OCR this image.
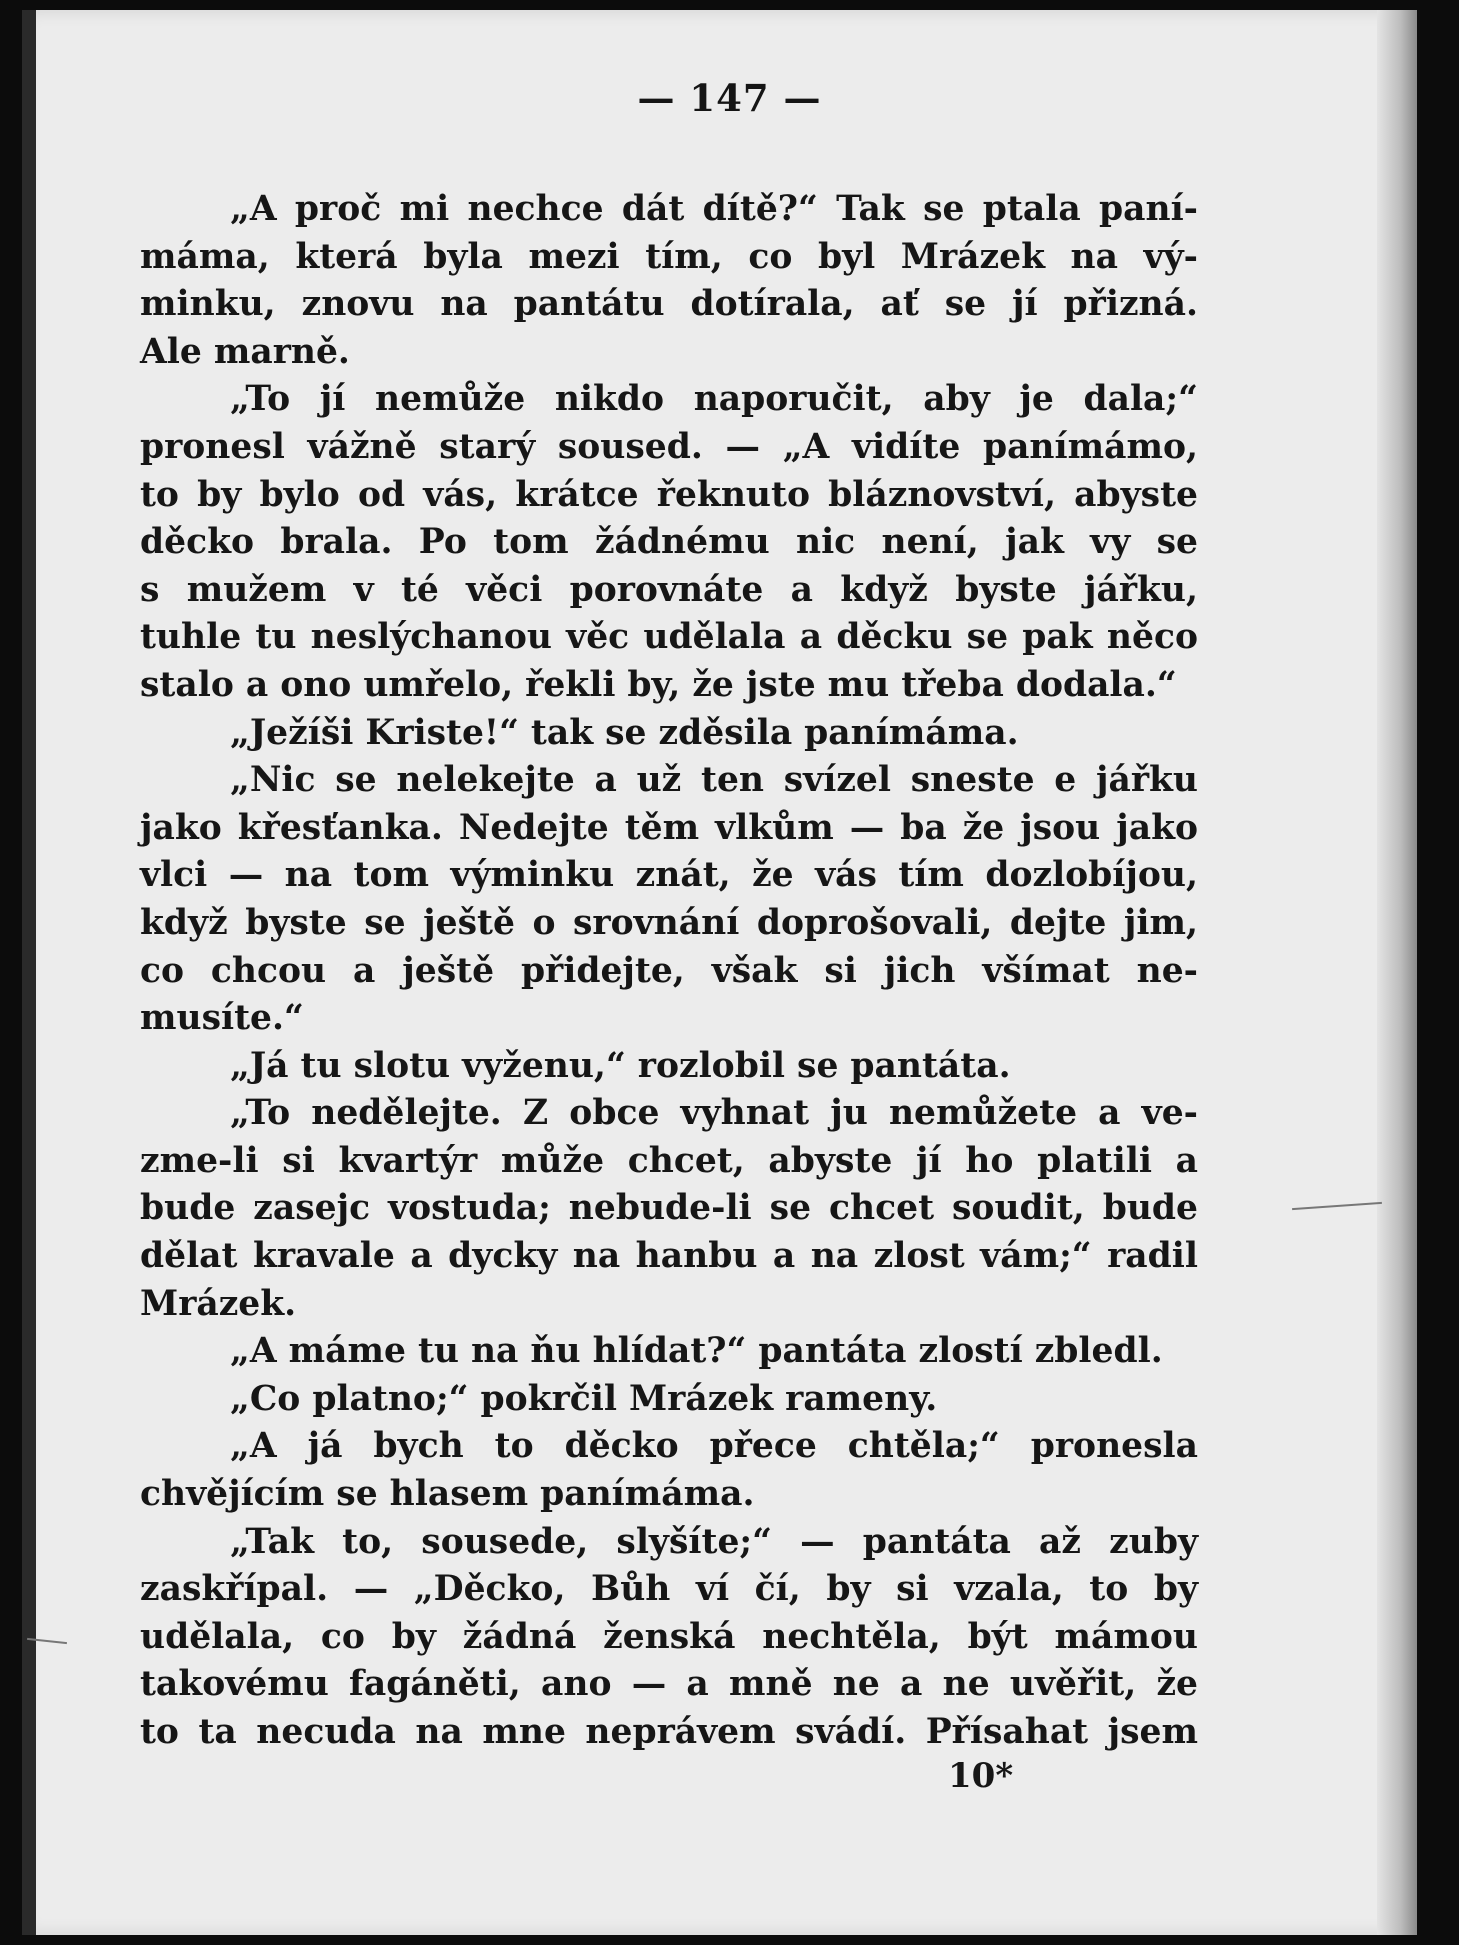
— 147 —
„A proč mi nechce dát dítě?“ Tak se ptala paní-
máma, která byla mezi tím, co byl Mrázek na vý-
minku, znovu na pantátu dotírala, ať se jí přizná.
Ale marně.
„To jí nemůže nikdo naporučit, aby je dala;“
pronesl vážně starý soused. — „A vidíte panímámo,
to by bylo od vás, krátce řeknuto bláznovství, abyste
děcko brala. Po tom žádnému nic není, jak vy se
s mužem v té věci porovnáte a když byste jářku,
tuhle tu neslýchanou věc udělala a děcku se pak něco
stalo a ono umřelo, řekli by, že jste mu třeba dodala.“
„Ježíši Kriste!“ tak se zděsila panímáma.
„Nic se nelekejte a už ten svízel sneste e jářku
jako křesťanka. Nedejte těm vlkům — ba že jsou jako
vlci — na tom výminku znát, že vás tím dozlobíjou,
když byste se ještě o srovnání doprošovali, dejte jim,
co chcou a ještě přidejte, však si jich všímat ne-
musíte.“
„Já tu slotu vyženu,“ rozlobil se pantáta.
„To nedělejte. Z obce vyhnat ju nemůžete a ve-
zme-li si kvartýr může chcet, abyste jí ho platili a
bude zasejc vostuda; nebude-li se chcet soudit, bude
dělat kravale a dycky na hanbu a na zlost vám;“ radil
Mrázek.
„A máme tu na ňu hlídat?“ pantáta zlostí zbledl.
„Co platno;“ pokrčil Mrázek rameny.
„A já bych to děcko přece chtěla;“ pronesla
chvějícím se hlasem panímáma.
„Tak to, sousede, slyšíte;“ — pantáta až zuby
zaskřípal. — „Děcko, Bůh ví čí, by si vzala, to by
udělala, co by žádná ženská nechtěla, být mámou
takovému fagáněti, ano — a mně ne a ne uvěřit, že
to ta necuda na mne neprávem svádí. Přísahat jsem
10*
